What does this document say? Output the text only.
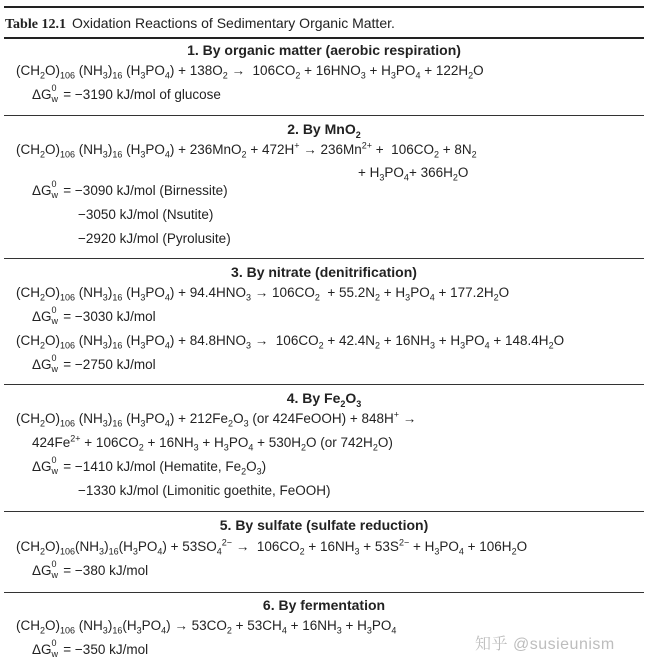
Table 12.1 Oxidation Reactions of Sedimentary Organic Matter.
1. By organic matter (aerobic respiration)
$(CH_2O)_{106}$ $(NH_3)_{16}$ $(H_3PO_4) + 138O_2 \to 106CO_2 + 16HNO_3 + H_3PO_4 + 122H_2O$
ΔG 0
w = −3190 kJ/mol of glucose
2. By MnO$_2$
$(CH_2O)_{106}$ $(NH_3)_{16}$ $(H_3PO_4) + 236MnO_2 + 472H^+ \to 236Mn^{2+} + 106CO_2 + 8N_2$
+ $H_3PO_4+ 366H_2O$
ΔG 0
w = −3090 kJ/mol (Birnessite)
−3050 kJ/mol (Nsutite)
−2920 kJ/mol (Pyrolusite)
3. By nitrate (denitrification)
$(CH_2O)_{106}$ $(NH_3)_{16}$ $(H_3PO_4) + 94.4HNO_3 \to 106CO_2 + 55.2N_2 + H_3PO_4 + 177.2H_2O$
ΔG 0
w = −3030 kJ/mol
$(CH_2O)_{106}$ $(NH_3)_{16}$ $(H_3PO_4) + 84.8HNO_3 \to 106CO_2 + 42.4N_2 + 16NH_3 + H_3PO_4 + 148.4H_2O$
ΔG 0
w = −2750 kJ/mol
4. By $Fe_2O_3$
$(CH_2O)_{106}$ $(NH_3)_{16}$ $(H_3PO_4) + 212Fe_2O_3$ (or 424FeOOH) + 848H+ →
$424Fe^{2+} + 106CO_2 + 16NH_3 + H_3PO_4 + 530H_2O$ (or $742H_2O$)
ΔG 0
w = −1410 kJ/mol (Hematite, $Fe_2O_3$)
−1330 kJ/mol (Limonitic goethite, FeOOH)
5. By sulfate (sulfate reduction)
$(CH_2O)_{106}(NH_3)_{16}(H_3PO_4) + 53SO_4^{2-} \to 106CO_2 + 16NH_3 + 53S^{2-} + H_3PO_4 + 106H_2O$
ΔG 0
w = −380 kJ/mol
6. By fermentation
$(CH_2O)_{106}$ $(NH_3)_{16}(H_3PO_4) \to 53CO_2 + 53CH_4 + 16NH_3 + H_3PO_4$
ΔG 0
w = −350 kJ/mol	知乎 @susieunism
